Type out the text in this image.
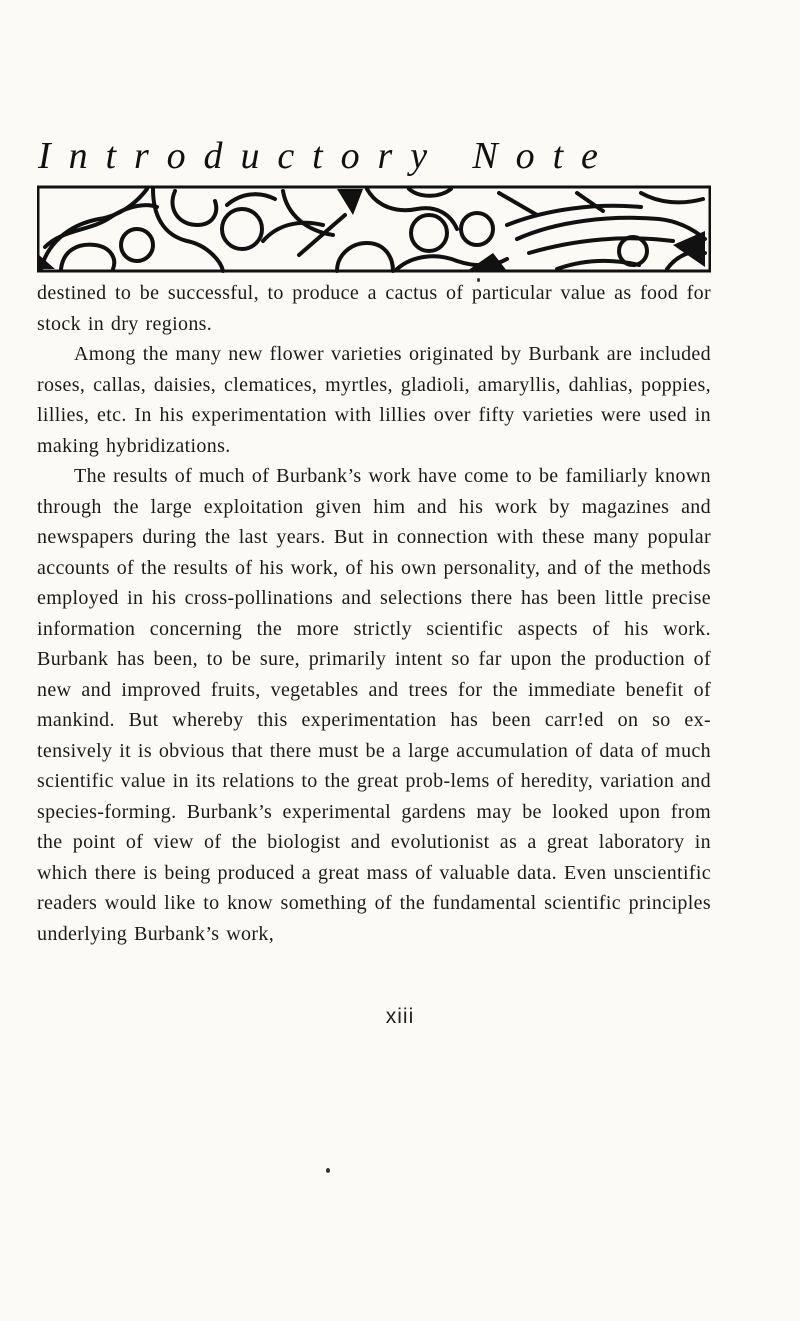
I n t r o d u c t o r y
N o t e

destined to be successful, to produce a cactus of particular value as food for stock in dry regions.

Among the many new flower varieties originated by Burbank are included roses, callas, daisies, clematices, myrtles, gladioli, amaryllis, dahlias, poppies, lillies, etc. In his experimentation with lillies over fifty varieties were used in making hybridizations.

The results of much of Burbank’s work have come to be familiarly known through the large exploitation given him and his work by magazines and newspapers during the last years. But in connection with these many popular accounts of the results of his work, of his own personality, and of the methods employed in his cross-pollinations and selections there has been little precise information concerning the more strictly scientific aspects of his work. Burbank has been, to be sure, primarily intent so far upon the production of new and improved fruits, vegetables and trees for the immediate benefit of mankind. But whereby this experimentation has been carr!ed on so ex-tensively it is obvious that there must be a large accumulation of data of much scientific value in its relations to the great prob-lems of heredity, variation and species-forming. Burbank’s experimental gardens may be looked upon from the point of view of the biologist and evolutionist as a great laboratory in which there is being produced a great mass of valuable data. Even unscientific readers would like to know something of the fundamental scientific principles underlying Burbank’s work,

xiii
